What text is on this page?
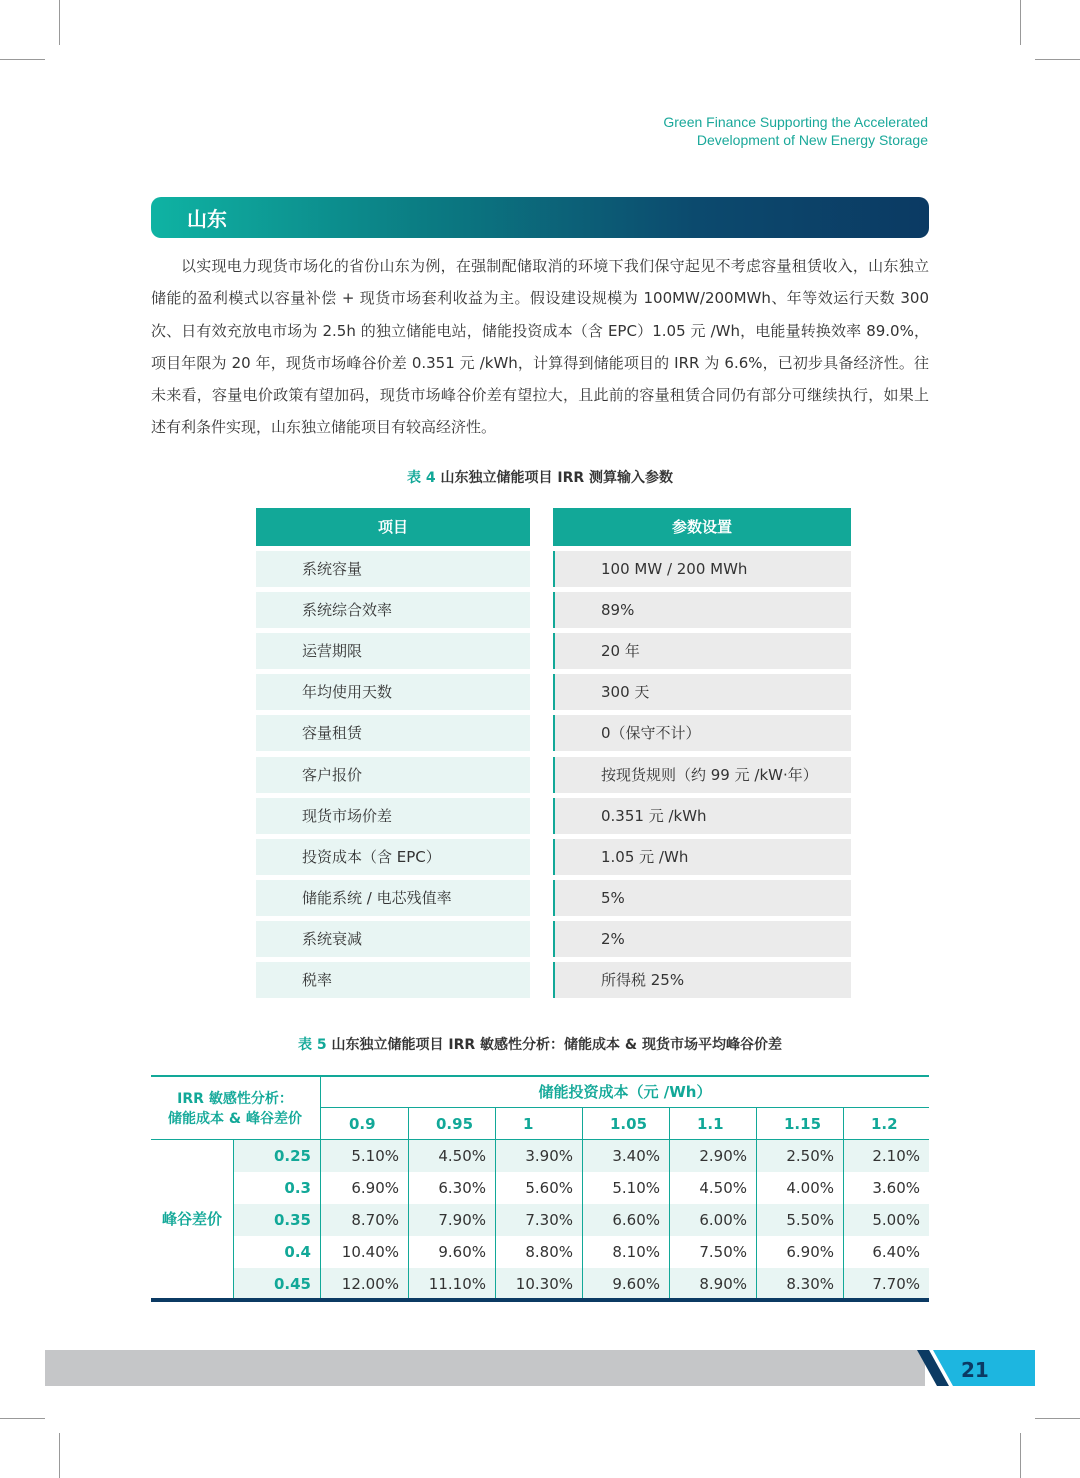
Green Finance Supporting the Accelerated
Development of New Energy Storage
山东

以实现电力现货市场化的省份山东为例，在强制配储取消的环境下我们保守起见不考虑容量租赁收入，山东独立储能的盈利模式以容量补偿 + 现货市场套利收益为主。假设建设规模为 100MW/200MWh、年等效运行天数 300 次、日有效充放电市场为 2.5h 的独立储能电站，储能投资成本（含 EPC）1.05 元 /Wh，电能量转换效率 89.0%，项目年限为 20 年，现货市场峰谷价差 0.351 元 /kWh，计算得到储能项目的 IRR 为 6.6%，已初步具备经济性。往未来看，容量电价政策有望加码，现货市场峰谷价差有望拉大，且此前的容量租赁合同仍有部分可继续执行，如果上述有利条件实现，山东独立储能项目有较高经济性。

表 4 山东独立储能项目 IRR 测算输入参数
项目	参数设置
系统容量	100 MW / 200 MWh
系统综合效率	89%
运营期限	20 年
年均使用天数	300 天
容量租赁	0（保守不计）
客户报价	按现货规则（约 99 元 /kW·年）
现货市场价差	0.351 元 /kWh
投资成本（含 EPC）	1.05 元 /Wh
储能系统 / 电芯残值率	5%
系统衰减	2%
税率	所得税 25%
表 5 山东独立储能项目 IRR 敏感性分析：储能成本 & 现货市场平均峰谷价差
IRR 敏感性分析：
储能成本 & 峰谷差价
储能投资成本（元 /Wh）
峰谷差价
0.9	0.95	1	1.05	1.1	1.15	1.2
0.25	5.10%	4.50%	3.90%	3.40%	2.90%	2.50%	2.10%
0.3	6.90%	6.30%	5.60%	5.10%	4.50%	4.00%	3.60%
0.35	8.70%	7.90%	7.30%	6.60%	6.00%	5.50%	5.00%
0.4	10.40%	9.60%	8.80%	8.10%	7.50%	6.90%	6.40%
0.45	12.00%	11.10%	10.30%	9.60%	8.90%	8.30%	7.70%
21
